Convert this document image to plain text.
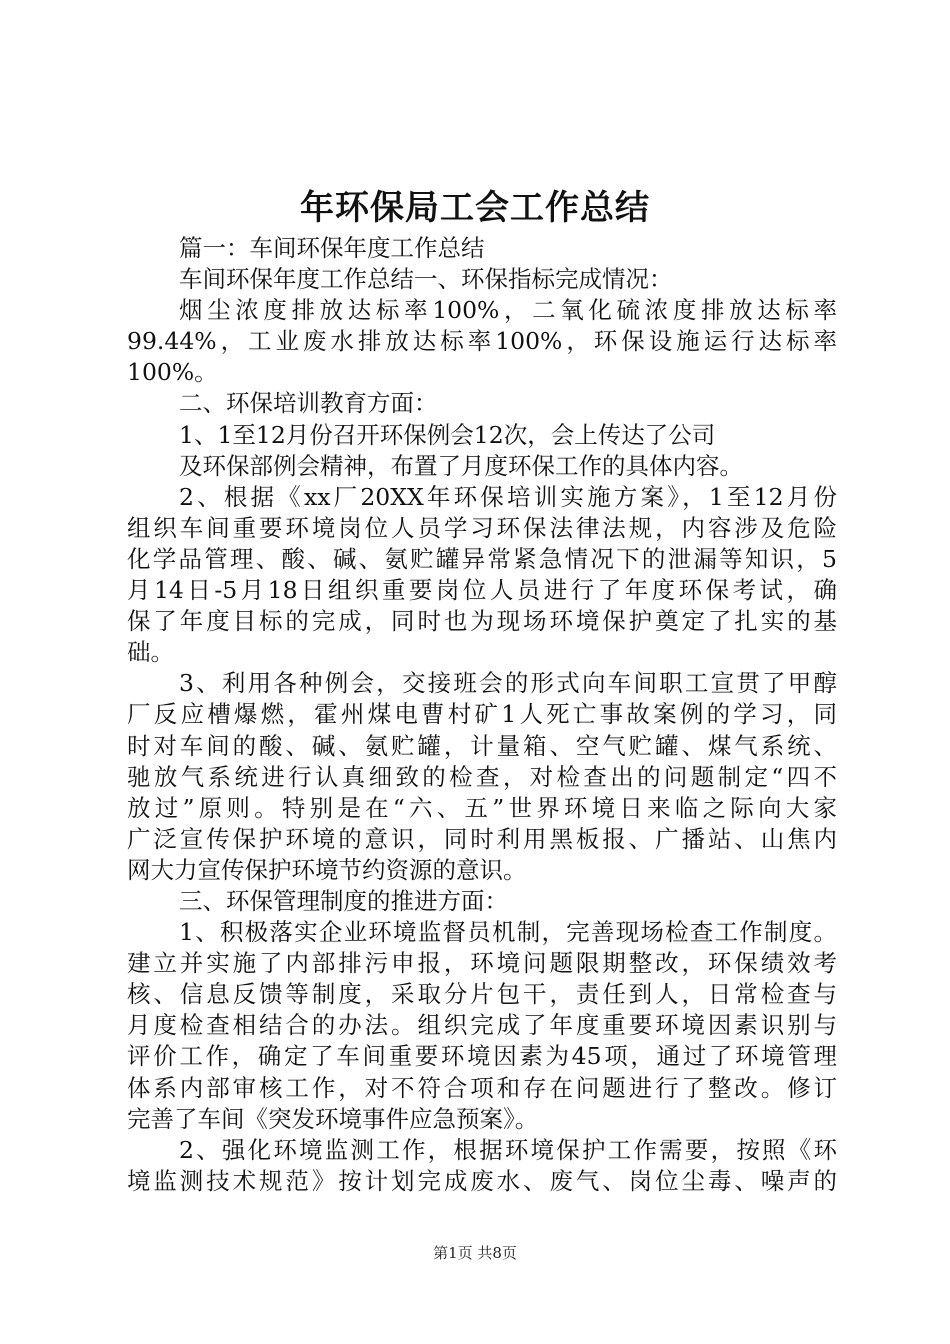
年环保局工会工作总结
篇一：车间环保年度工作总结
车间环保年度工作总结一、环保指标完成情况：
烟尘浓度排放达标率100%，二氧化硫浓度排放达标率
99.44%，工业废水排放达标率100%，环保设施运行达标率
100%。
二、环保培训教育方面：
1、1至12月份召开环保例会12次，会上传达了公司
及环保部例会精神，布置了月度环保工作的具体内容。
2、根据《xx厂20XX年环保培训实施方案》，1至12月份
组织车间重要环境岗位人员学习环保法律法规，内容涉及危险
化学品管理、酸、碱、氨贮罐异常紧急情况下的泄漏等知识，5
月14日-5月18日组织重要岗位人员进行了年度环保考试，确
保了年度目标的完成，同时也为现场环境保护奠定了扎实的基
础。
3、利用各种例会，交接班会的形式向车间职工宣贯了甲醇
厂反应槽爆燃，霍州煤电曹村矿1人死亡事故案例的学习，同
时对车间的酸、碱、氨贮罐，计量箱、空气贮罐、煤气系统、
驰放气系统进行认真细致的检查，对检查出的问题制定“四不
放过”原则。特别是在“六、五”世界环境日来临之际向大家
广泛宣传保护环境的意识，同时利用黑板报、广播站、山焦内
网大力宣传保护环境节约资源的意识。
三、环保管理制度的推进方面：
1、积极落实企业环境监督员机制，完善现场检查工作制度。
建立并实施了内部排污申报，环境问题限期整改，环保绩效考
核、信息反馈等制度，采取分片包干，责任到人，日常检查与
月度检查相结合的办法。组织完成了年度重要环境因素识别与
评价工作，确定了车间重要环境因素为45项，通过了环境管理
体系内部审核工作，对不符合项和存在问题进行了整改。修订
完善了车间《突发环境事件应急预案》。
2、强化环境监测工作，根据环境保护工作需要，按照《环
境监测技术规范》按计划完成废水、废气、岗位尘毒、噪声的
第1页 共8页
